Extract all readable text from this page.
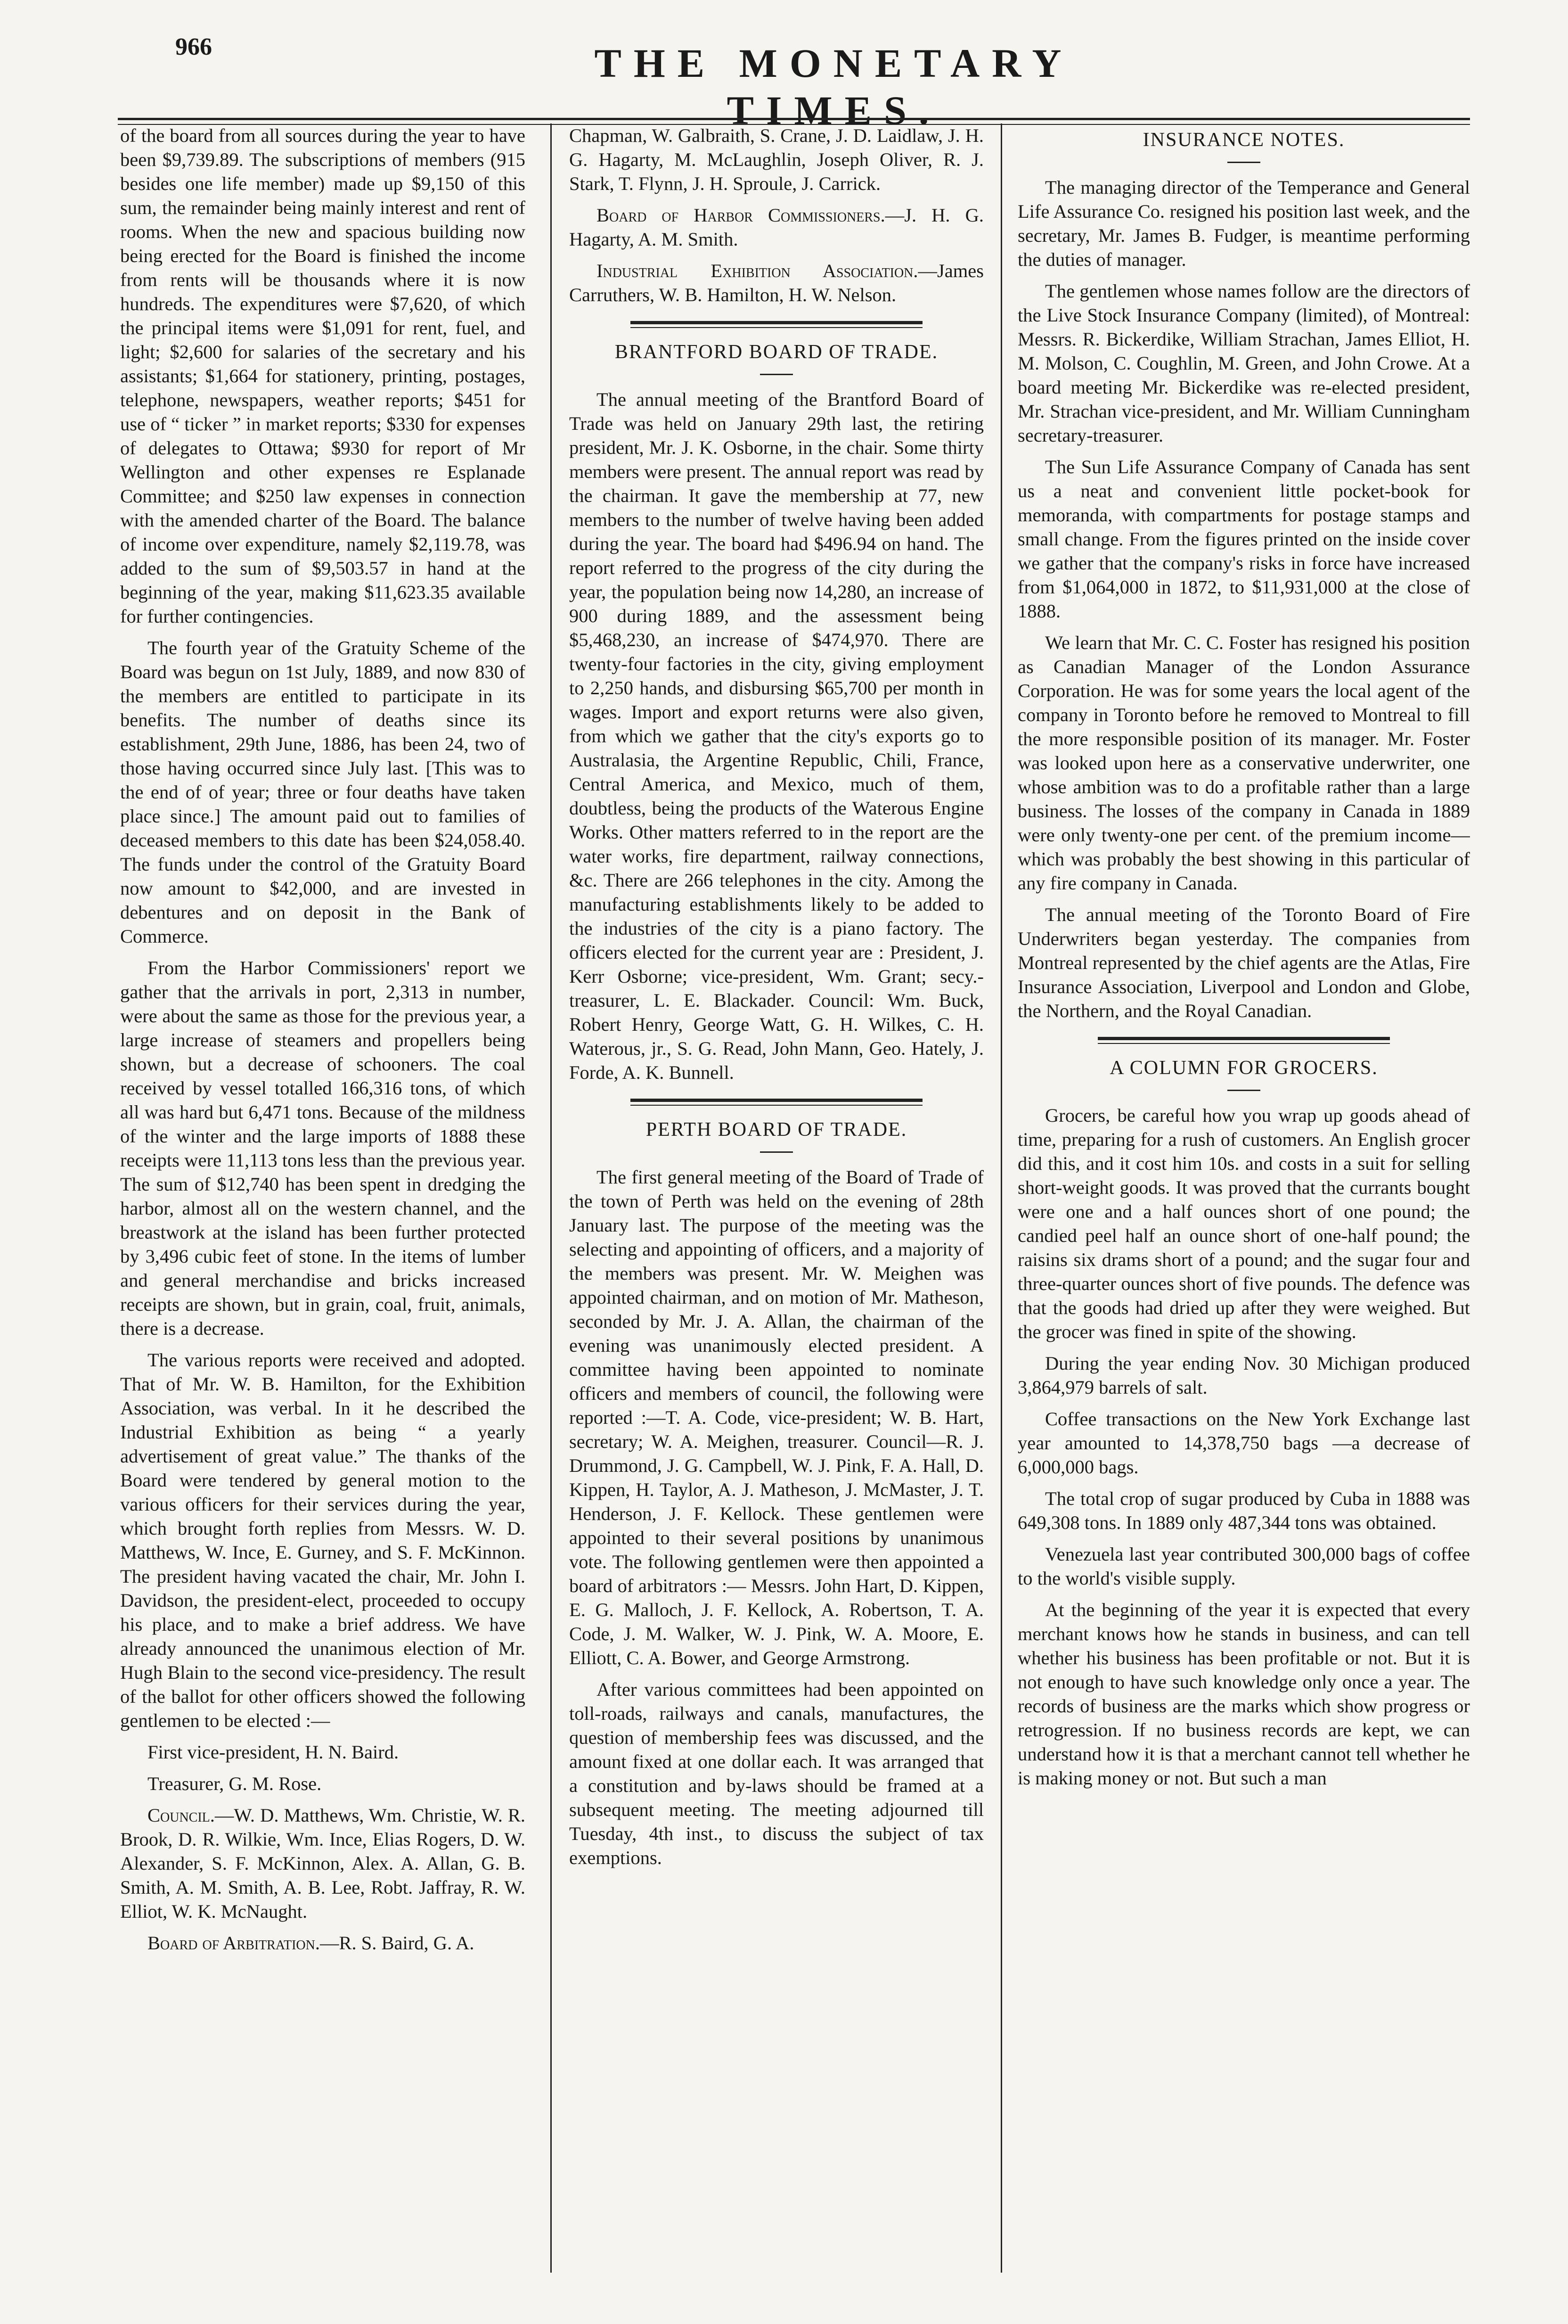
966	THE MONETARY TIMES.

of the board from all sources during the year to have been $9,739.89. The subscriptions of members (915 besides one life member) made up $9,150 of this sum, the remainder being mainly interest and rent of rooms. When the new and spacious building now being erected for the Board is finished the income from rents will be thousands where it is now hundreds. The expenditures were $7,620, of which the principal items were $1,091 for rent, fuel, and light; $2,600 for salaries of the secretary and his assistants; $1,664 for stationery, printing, postages, telephone, newspapers, weather reports; $451 for use of “ ticker ” in market reports; $330 for expenses of delegates to Ottawa; $930 for report of Mr Wellington and other expenses re Esplanade Committee; and $250 law expenses in connection with the amended charter of the Board. The balance of income over expenditure, namely $2,119.78, was added to the sum of $9,503.57 in hand at the beginning of the year, making $11,623.35 available for further contingencies.

The fourth year of the Gratuity Scheme of the Board was begun on 1st July, 1889, and now 830 of the members are entitled to participate in its benefits. The number of deaths since its establishment, 29th June, 1886, has been 24, two of those having occurred since July last. [This was to the end of of year; three or four deaths have taken place since.] The amount paid out to families of deceased members to this date has been $24,058.40. The funds under the control of the Gratuity Board now amount to $42,000, and are invested in debentures and on deposit in the Bank of Commerce.

From the Harbor Commissioners' report we gather that the arrivals in port, 2,313 in number, were about the same as those for the previous year, a large increase of steamers and propellers being shown, but a decrease of schooners. The coal received by vessel totalled 166,316 tons, of which all was hard but 6,471 tons. Because of the mildness of the winter and the large imports of 1888 these receipts were 11,113 tons less than the previous year. The sum of $12,740 has been spent in dredging the harbor, almost all on the western channel, and the breastwork at the island has been further protected by 3,496 cubic feet of stone. In the items of lumber and general merchandise and bricks increased receipts are shown, but in grain, coal, fruit, animals, there is a decrease.

The various reports were received and adopted. That of Mr. W. B. Hamilton, for the Exhibition Association, was verbal. In it he described the Industrial Exhibition as being “ a yearly advertisement of great value.” The thanks of the Board were tendered by general motion to the various officers for their services during the year, which brought forth replies from Messrs. W. D. Matthews, W. Ince, E. Gurney, and S. F. McKinnon. The president having vacated the chair, Mr. John I. Davidson, the president-elect, proceeded to occupy his place, and to make a brief address. We have already announced the unanimous election of Mr. Hugh Blain to the second vice-presidency. The result of the ballot for other officers showed the following gentlemen to be elected :—

First vice-president, H. N. Baird.

Treasurer, G. M. Rose.

Council.—W. D. Matthews, Wm. Christie, W. R. Brook, D. R. Wilkie, Wm. Ince, Elias Rogers, D. W. Alexander, S. F. McKinnon, Alex. A. Allan, G. B. Smith, A. M. Smith, A. B. Lee, Robt. Jaffray, R. W. Elliot, W. K. McNaught.

Board of Arbitration.—R. S. Baird, G. A.

Chapman, W. Galbraith, S. Crane, J. D. Laidlaw, J. H. G. Hagarty, M. McLaughlin, Joseph Oliver, R. J. Stark, T. Flynn, J. H. Sproule, J. Carrick.

Board of Harbor Commissioners.—J. H. G. Hagarty, A. M. Smith.

Industrial Exhibition Association.—James Carruthers, W. B. Hamilton, H. W. Nelson.

BRANTFORD BOARD OF TRADE.

The annual meeting of the Brantford Board of Trade was held on January 29th last, the retiring president, Mr. J. K. Osborne, in the chair. Some thirty members were present. The annual report was read by the chairman. It gave the membership at 77, new members to the number of twelve having been added during the year. The board had $496.94 on hand. The report referred to the progress of the city during the year, the population being now 14,280, an increase of 900 during 1889, and the assessment being $5,468,230, an increase of $474,970. There are twenty-four factories in the city, giving employment to 2,250 hands, and disbursing $65,700 per month in wages. Import and export returns were also given, from which we gather that the city's exports go to Australasia, the Argentine Republic, Chili, France, Central America, and Mexico, much of them, doubtless, being the products of the Waterous Engine Works. Other matters referred to in the report are the water works, fire department, railway connections, &c. There are 266 telephones in the city. Among the manufacturing establishments likely to be added to the industries of the city is a piano factory. The officers elected for the current year are : President, J. Kerr Osborne; vice-president, Wm. Grant; secy.-treasurer, L. E. Blackader. Council: Wm. Buck, Robert Henry, George Watt, G. H. Wilkes, C. H. Waterous, jr., S. G. Read, John Mann, Geo. Hately, J. Forde, A. K. Bunnell.

PERTH BOARD OF TRADE.

The first general meeting of the Board of Trade of the town of Perth was held on the evening of 28th January last. The purpose of the meeting was the selecting and appointing of officers, and a majority of the members was present. Mr. W. Meighen was appointed chairman, and on motion of Mr. Matheson, seconded by Mr. J. A. Allan, the chairman of the evening was unanimously elected president. A committee having been appointed to nominate officers and members of council, the following were reported :—T. A. Code, vice-president; W. B. Hart, secretary; W. A. Meighen, treasurer. Council—R. J. Drummond, J. G. Campbell, W. J. Pink, F. A. Hall, D. Kippen, H. Taylor, A. J. Matheson, J. McMaster, J. T. Henderson, J. F. Kellock. These gentlemen were appointed to their several positions by unanimous vote. The following gentlemen were then appointed a board of arbitrators :— Messrs. John Hart, D. Kippen, E. G. Malloch, J. F. Kellock, A. Robertson, T. A. Code, J. M. Walker, W. J. Pink, W. A. Moore, E. Elliott, C. A. Bower, and George Armstrong.

After various committees had been appointed on toll-roads, railways and canals, manufactures, the question of membership fees was discussed, and the amount fixed at one dollar each. It was arranged that a constitution and by-laws should be framed at a subsequent meeting. The meeting adjourned till Tuesday, 4th inst., to discuss the subject of tax exemptions.

INSURANCE NOTES.

The managing director of the Temperance and General Life Assurance Co. resigned his position last week, and the secretary, Mr. James B. Fudger, is meantime performing the duties of manager.

The gentlemen whose names follow are the directors of the Live Stock Insurance Company (limited), of Montreal: Messrs. R. Bickerdike, William Strachan, James Elliot, H. M. Molson, C. Coughlin, M. Green, and John Crowe. At a board meeting Mr. Bickerdike was re-elected president, Mr. Strachan vice-president, and Mr. William Cunningham secretary-treasurer.

The Sun Life Assurance Company of Canada has sent us a neat and convenient little pocket-book for memoranda, with compartments for postage stamps and small change. From the figures printed on the inside cover we gather that the company's risks in force have increased from $1,064,000 in 1872, to $11,931,000 at the close of 1888.

We learn that Mr. C. C. Foster has resigned his position as Canadian Manager of the London Assurance Corporation. He was for some years the local agent of the company in Toronto before he removed to Montreal to fill the more responsible position of its manager. Mr. Foster was looked upon here as a conservative underwriter, one whose ambition was to do a profitable rather than a large business. The losses of the company in Canada in 1889 were only twenty-one per cent. of the premium income—which was probably the best showing in this particular of any fire company in Canada.

The annual meeting of the Toronto Board of Fire Underwriters began yesterday. The companies from Montreal represented by the chief agents are the Atlas, Fire Insurance Association, Liverpool and London and Globe, the Northern, and the Royal Canadian.

A COLUMN FOR GROCERS.

Grocers, be careful how you wrap up goods ahead of time, preparing for a rush of customers. An English grocer did this, and it cost him 10s. and costs in a suit for selling short-weight goods. It was proved that the currants bought were one and a half ounces short of one pound; the candied peel half an ounce short of one-half pound; the raisins six drams short of a pound; and the sugar four and three-quarter ounces short of five pounds. The defence was that the goods had dried up after they were weighed. But the grocer was fined in spite of the showing.

During the year ending Nov. 30 Michigan produced 3,864,979 barrels of salt.

Coffee transactions on the New York Exchange last year amounted to 14,378,750 bags —a decrease of 6,000,000 bags.

The total crop of sugar produced by Cuba in 1888 was 649,308 tons. In 1889 only 487,344 tons was obtained.

Venezuela last year contributed 300,000 bags of coffee to the world's visible supply.

At the beginning of the year it is expected that every merchant knows how he stands in business, and can tell whether his business has been profitable or not. But it is not enough to have such knowledge only once a year. The records of business are the marks which show progress or retrogression. If no business records are kept, we can understand how it is that a merchant cannot tell whether he is making money or not. But such a man
